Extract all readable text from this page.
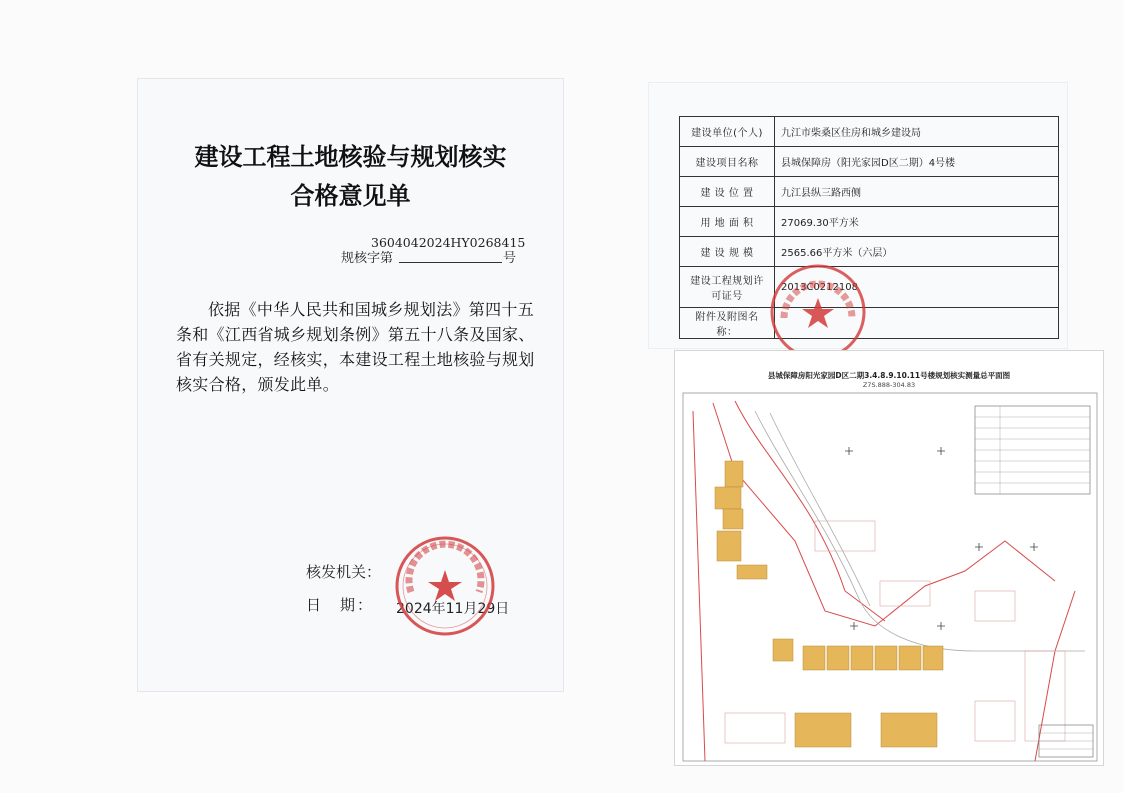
建设工程土地核验与规划核实
合格意见单
3604042024HY0268415
规核字第	号
依据《中华人民共和国城乡规划法》第四十五条和《江西省城乡规划条例》第五十八条及国家、省有关规定，经核实，本建设工程土地核验与规划核实合格，颁发此单。
核发机关：
日　期： 2024年11月29日
建设单位(个人)	九江市柴桑区住房和城乡建设局
建设项目名称	县城保障房（阳光家园D区二期）4号楼
建 设 位 置	九江县纵三路西侧
用 地 面 积	27069.30平方米
建 设 规 模	2565.66平方米（六层）
建设工程规划许可证号	2013C0212108
附件及附图名称：	
县城保障房阳光家园D区二期3.4.8.9.10.11号楼规划核实测量总平面图
Z7S.888-304.83
